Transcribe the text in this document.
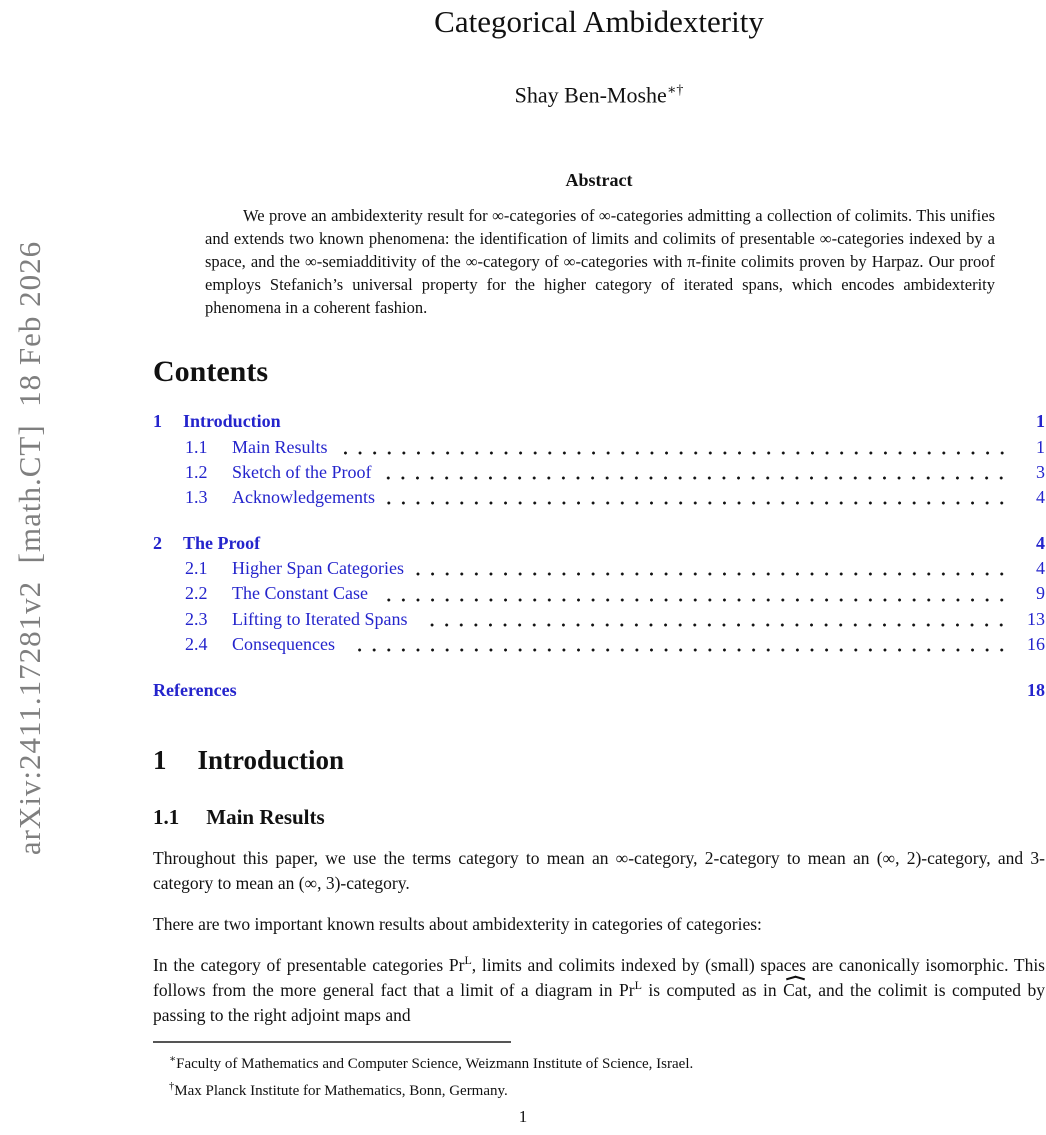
arXiv:2411.17281v2  [math.CT]  18 Feb 2026
Categorical Ambidexterity
Shay Ben-Moshe∗†
Abstract
We prove an ambidexterity result for ∞-categories of ∞-categories admitting a collection of colimits. This unifies and extends two known phenomena: the identification of limits and colimits of presentable ∞-categories indexed by a space, and the ∞-semiadditivity of the ∞-category of ∞-categories with π-finite colimits proven by Harpaz. Our proof employs Stefanich’s universal property for the higher category of iterated spans, which encodes ambidexterity phenomena in a coherent fashion.
Contents
1	Introduction	1
1.1	Main Results	1
1.2	Sketch of the Proof	3
1.3	Acknowledgements	4
2	The Proof	4
2.1	Higher Span Categories	4
2.2	The Constant Case	9
2.3	Lifting to Iterated Spans	13
2.4	Consequences	16
References	18
1 Introduction
1.1 Main Results
Throughout this paper, we use the terms category to mean an ∞-category, 2-category to mean an (∞, 2)-category, and 3-category to mean an (∞, 3)-category.
There are two important known results about ambidexterity in categories of categories:
In the category of presentable categories $Pr^L$, limits and colimits indexed by (small) spaces are canonically isomorphic. This follows from the more general fact that a limit of a diagram in $Pr^L$ is computed as in Cat, and the colimit is computed by passing to the right adjoint maps and
∗Faculty of Mathematics and Computer Science, Weizmann Institute of Science, Israel.
†Max Planck Institute for Mathematics, Bonn, Germany.
1
